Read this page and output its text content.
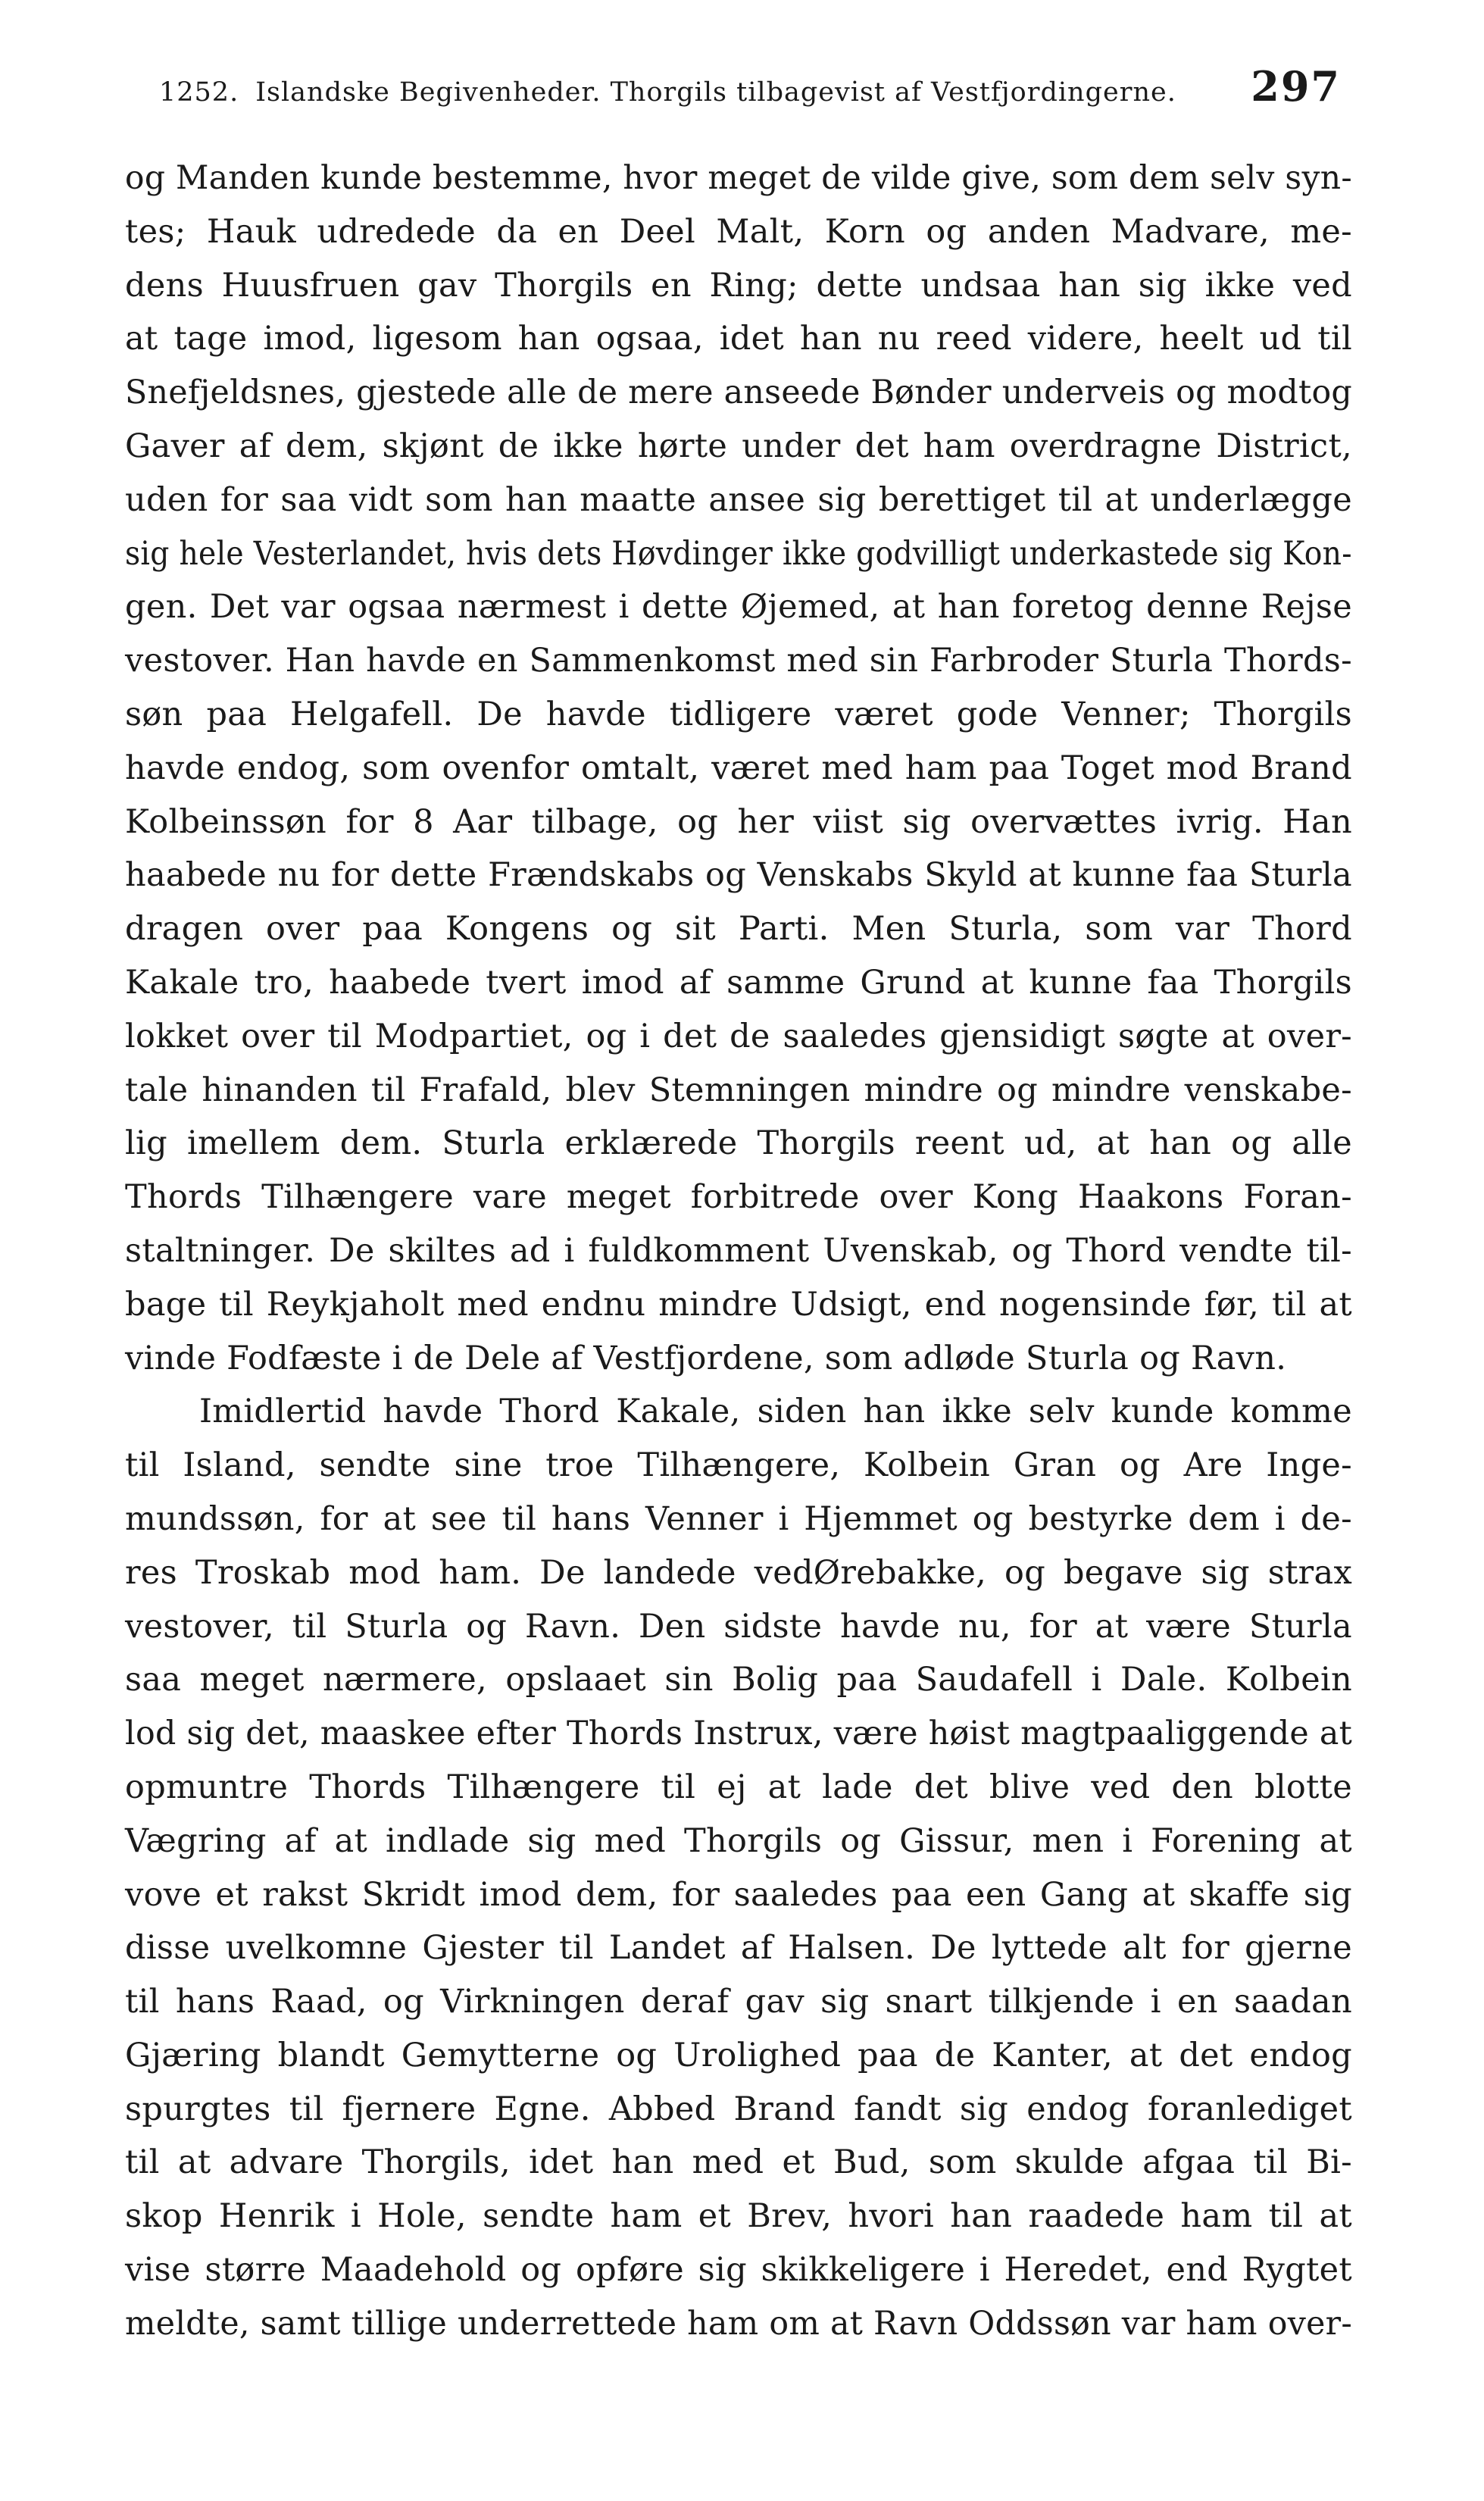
1252. Islandske Begivenheder. Thorgils tilbagevi̇st af Vestfjordingerne. 297
og Manden kunde bestemme, hvor meget de vilde give, som dem selv syn-
tes; Hauk udredede da en Deel Malt, Korn og anden Madvare, me-
dens Huusfruen gav Thorgils en Ring; dette undsaa han sig ikke ved
at tage imod, ligesom han ogsaa, idet han nu reed videre, heelt ud til
Snefjeldsnes, gjestede alle de mere anseede Bønder underveis og modtog
Gaver af dem, skjønt de ikke hørte under det ham overdragne District,
uden for saa vidt som han maatte ansee sig berettiget til at underlægge
sig hele Vesterlandet, hvis dets Høvdinger ikke godvilligt underkastede sig Kon-
gen. Det var ogsaa nærmest i dette Øjemed, at han foretog denne Rejse
vestover. Han havde en Sammenkomst med sin Farbroder Sturla Thords-
søn paa Helgafell. De havde tidligere været gode Venner; Thorgils
havde endog, som ovenfor omtalt, været med ham paa Toget mod Brand
Kolbeinssøn for 8 Aar tilbage, og her viist sig overvættes ivrig. Han
haabede nu for dette Frændskabs og Venskabs Skyld at kunne faa Sturla
dragen over paa Kongens og sit Parti. Men Sturla, som var Thord
Kakale tro, haabede tvert imod af samme Grund at kunne faa Thorgils
lokket over til Modpartiet, og i det de saaledes gjensidigt søgte at over-
tale hinanden til Frafald, blev Stemningen mindre og mindre venskabe-
lig imellem dem. Sturla erklærede Thorgils reent ud, at han og alle
Thords Tilhængere vare meget forbitrede over Kong Haakons Foran-
staltninger. De skiltes ad i fuldkomment Uvenskab, og Thord vendte til-
bage til Reykjaholt med endnu mindre Udsigt, end nogensinde før, til at
vinde Fodfæste i de Dele af Vestfjordene, som adløde Sturla og Ravn.
Imidlertid havde Thord Kakale, siden han ikke selv kunde komme
til Island, sendte sine troe Tilhængere, Kolbein Gran og Are Inge-
mundssøn, for at see til hans Venner i Hjemmet og bestyrke dem i de-
res Troskab mod ham. De landede vedØrebakke, og begave sig strax
vestover, til Sturla og Ravn. Den sidste havde nu, for at være Sturla
saa meget nærmere, opslaaet sin Bolig paa Saudafell i Dale. Kolbein
lod sig det, maaskee efter Thords Instrux, være høist magtpaaliggende at
opmuntre Thords Tilhængere til ej at lade det blive ved den blotte
Vægring af at indlade sig med Thorgils og Gissur, men i Forening at
vove et rakst Skridt imod dem, for saaledes paa een Gang at skaffe sig
disse uvelkomne Gjester til Landet af Halsen. De lyttede alt for gjerne
til hans Raad, og Virkningen deraf gav sig snart tilkjende i en saadan
Gjæring blandt Gemytterne og Urolighed paa de Kanter, at det endog
spurgtes til fjernere Egne. Abbed Brand fandt sig endog foranlediget
til at advare Thorgils, idet han med et Bud, som skulde afgaa til Bi-
skop Henrik i Hole, sendte ham et Brev, hvori han raadede ham til at
vise større Maadehold og opføre sig skikkeligere i Heredet, end Rygtet
meldte, samt tillige underrettede ham om at Ravn Oddssøn var ham over-
